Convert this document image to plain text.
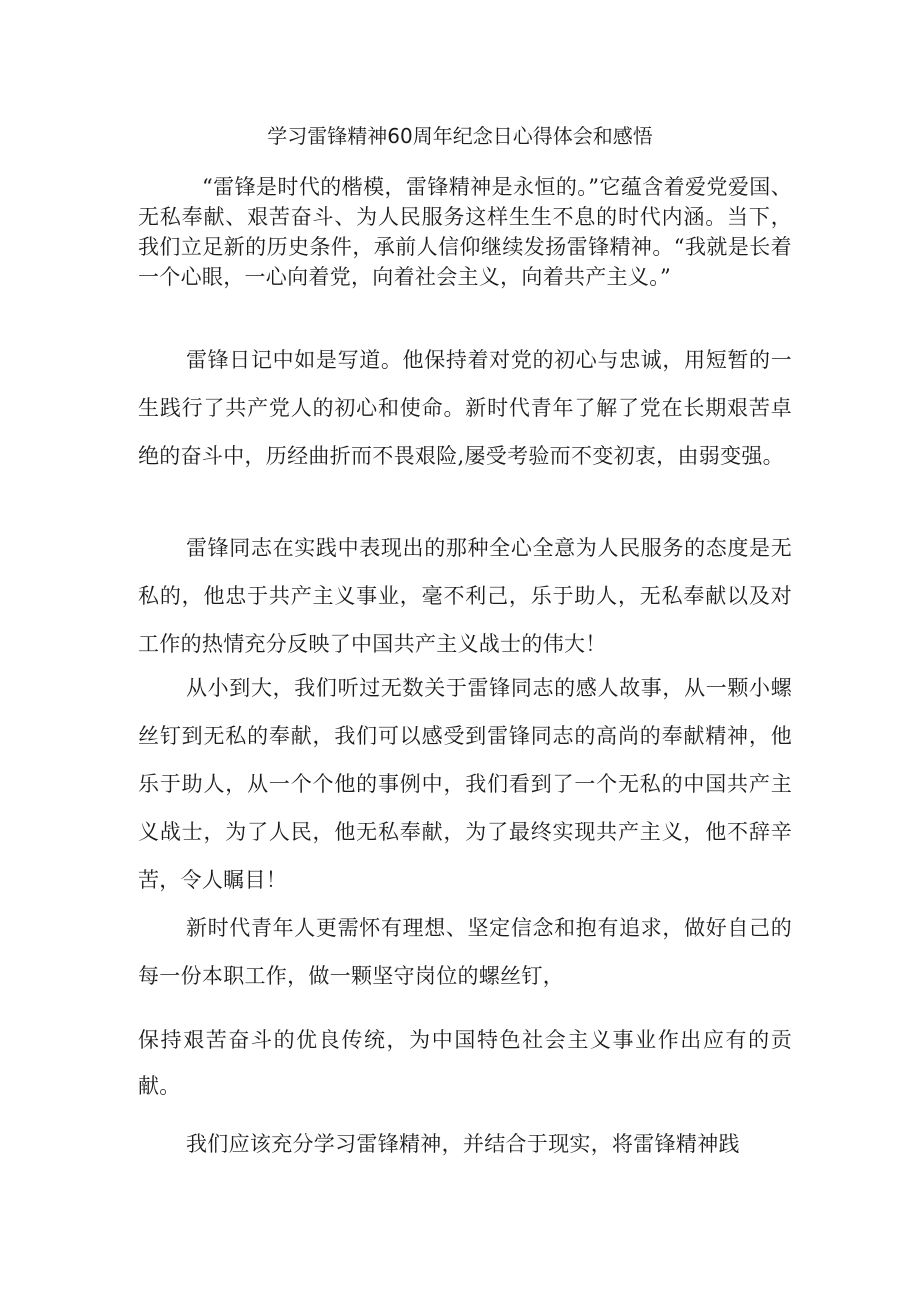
学习雷锋精神60周年纪念日心得体会和感悟

“雷锋是时代的楷模，雷锋精神是永恒的。”它蕴含着爱党爱国、无私奉献、艰苦奋斗、为人民服务这样生生不息的时代内涵。当下，我们立足新的历史条件，承前人信仰继续发扬雷锋精神。“我就是长着一个心眼，一心向着党，向着社会主义，向着共产主义。”

雷锋日记中如是写道。他保持着对党的初心与忠诚，用短暂的一生践行了共产党人的初心和使命。新时代青年了解了党在长期艰苦卓绝的奋斗中，历经曲折而不畏艰险,屡受考验而不变初衷，由弱变强。

雷锋同志在实践中表现出的那种全心全意为人民服务的态度是无私的，他忠于共产主义事业，毫不利己，乐于助人，无私奉献以及对工作的热情充分反映了中国共产主义战士的伟大！

从小到大，我们听过无数关于雷锋同志的感人故事，从一颗小螺丝钉到无私的奉献，我们可以感受到雷锋同志的高尚的奉献精神，他乐于助人，从一个个他的事例中，我们看到了一个无私的中国共产主义战士，为了人民，他无私奉献，为了最终实现共产主义，他不辞辛苦，令人瞩目！

新时代青年人更需怀有理想、坚定信念和抱有追求，做好自己的每一份本职工作，做一颗坚守岗位的螺丝钉，

保持艰苦奋斗的优良传统，为中国特色社会主义事业作出应有的贡献。

我们应该充分学习雷锋精神，并结合于现实，将雷锋精神践
